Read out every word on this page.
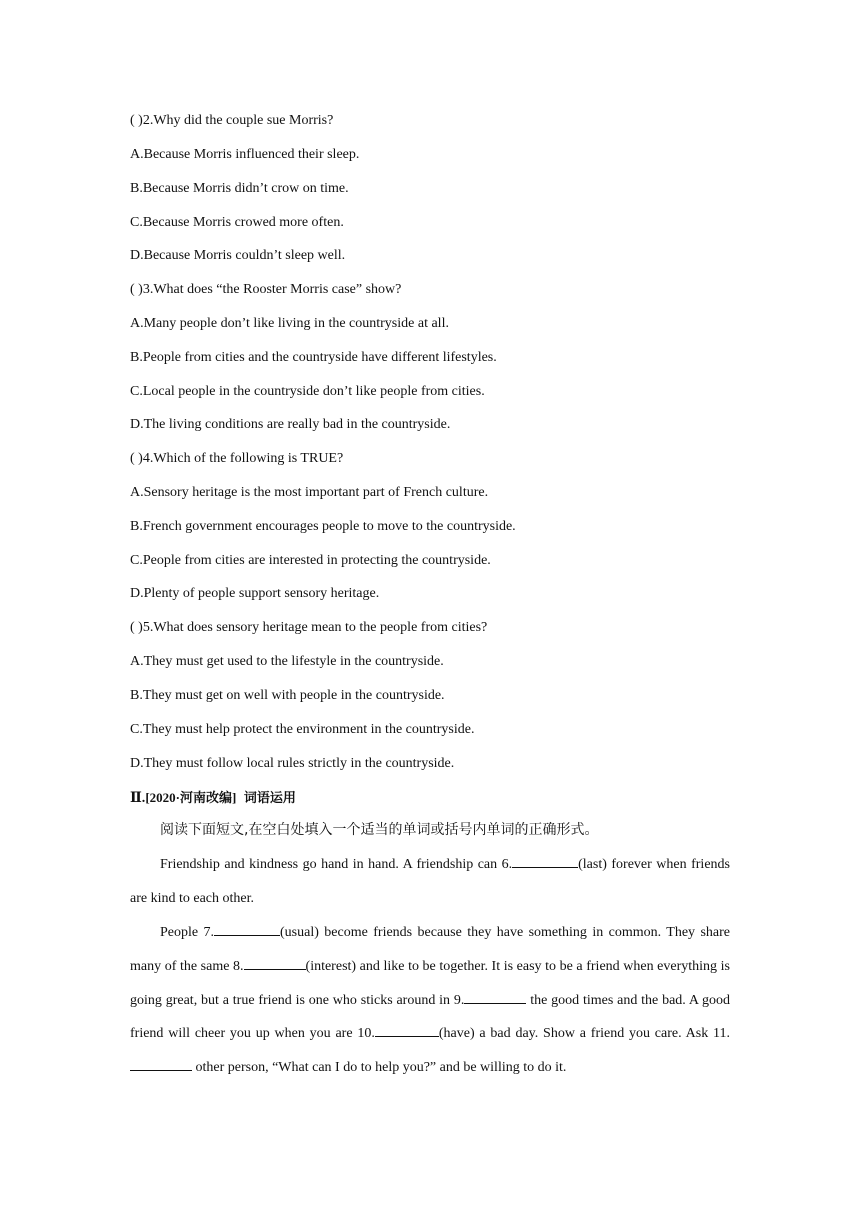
( )2.Why did the couple sue Morris?
A.Because Morris influenced their sleep.
B.Because Morris didn’t crow on time.
C.Because Morris crowed more often.
D.Because Morris couldn’t sleep well.
( )3.What does “the Rooster Morris case” show?
A.Many people don’t like living in the countryside at all.
B.People from cities and the countryside have different lifestyles.
C.Local people in the countryside don’t like people from cities.
D.The living conditions are really bad in the countryside.
( )4.Which of the following is TRUE?
A.Sensory heritage is the most important part of French culture.
B.French government encourages people to move to the countryside.
C.People from cities are interested in protecting the countryside.
D.Plenty of people support sensory heritage.
( )5.What does sensory heritage mean to the people from cities?
A.They must get used to the lifestyle in the countryside.
B.They must get on well with people in the countryside.
C.They must help protect the environment in the countryside.
D.They must follow local rules strictly in the countryside.
Ⅱ.[2020·河南改编] 词语运用
阅读下面短文,在空白处填入一个适当的单词或括号内单词的正确形式。
Friendship and kindness go hand in hand. A friendship can 6.	(last) forever when friends are kind to each other.
People 7.	(usual) become friends because they have something in common. They share many of the same 8.	(interest) and like to be together. It is easy to be a friend when everything is going great, but a true friend is one who sticks around in 9.	the good times and the bad. A good friend will cheer you up when you are 10.	(have) a bad day. Show a friend you care. Ask 11. other person, “What can I do to help you?” and be willing to do it.
